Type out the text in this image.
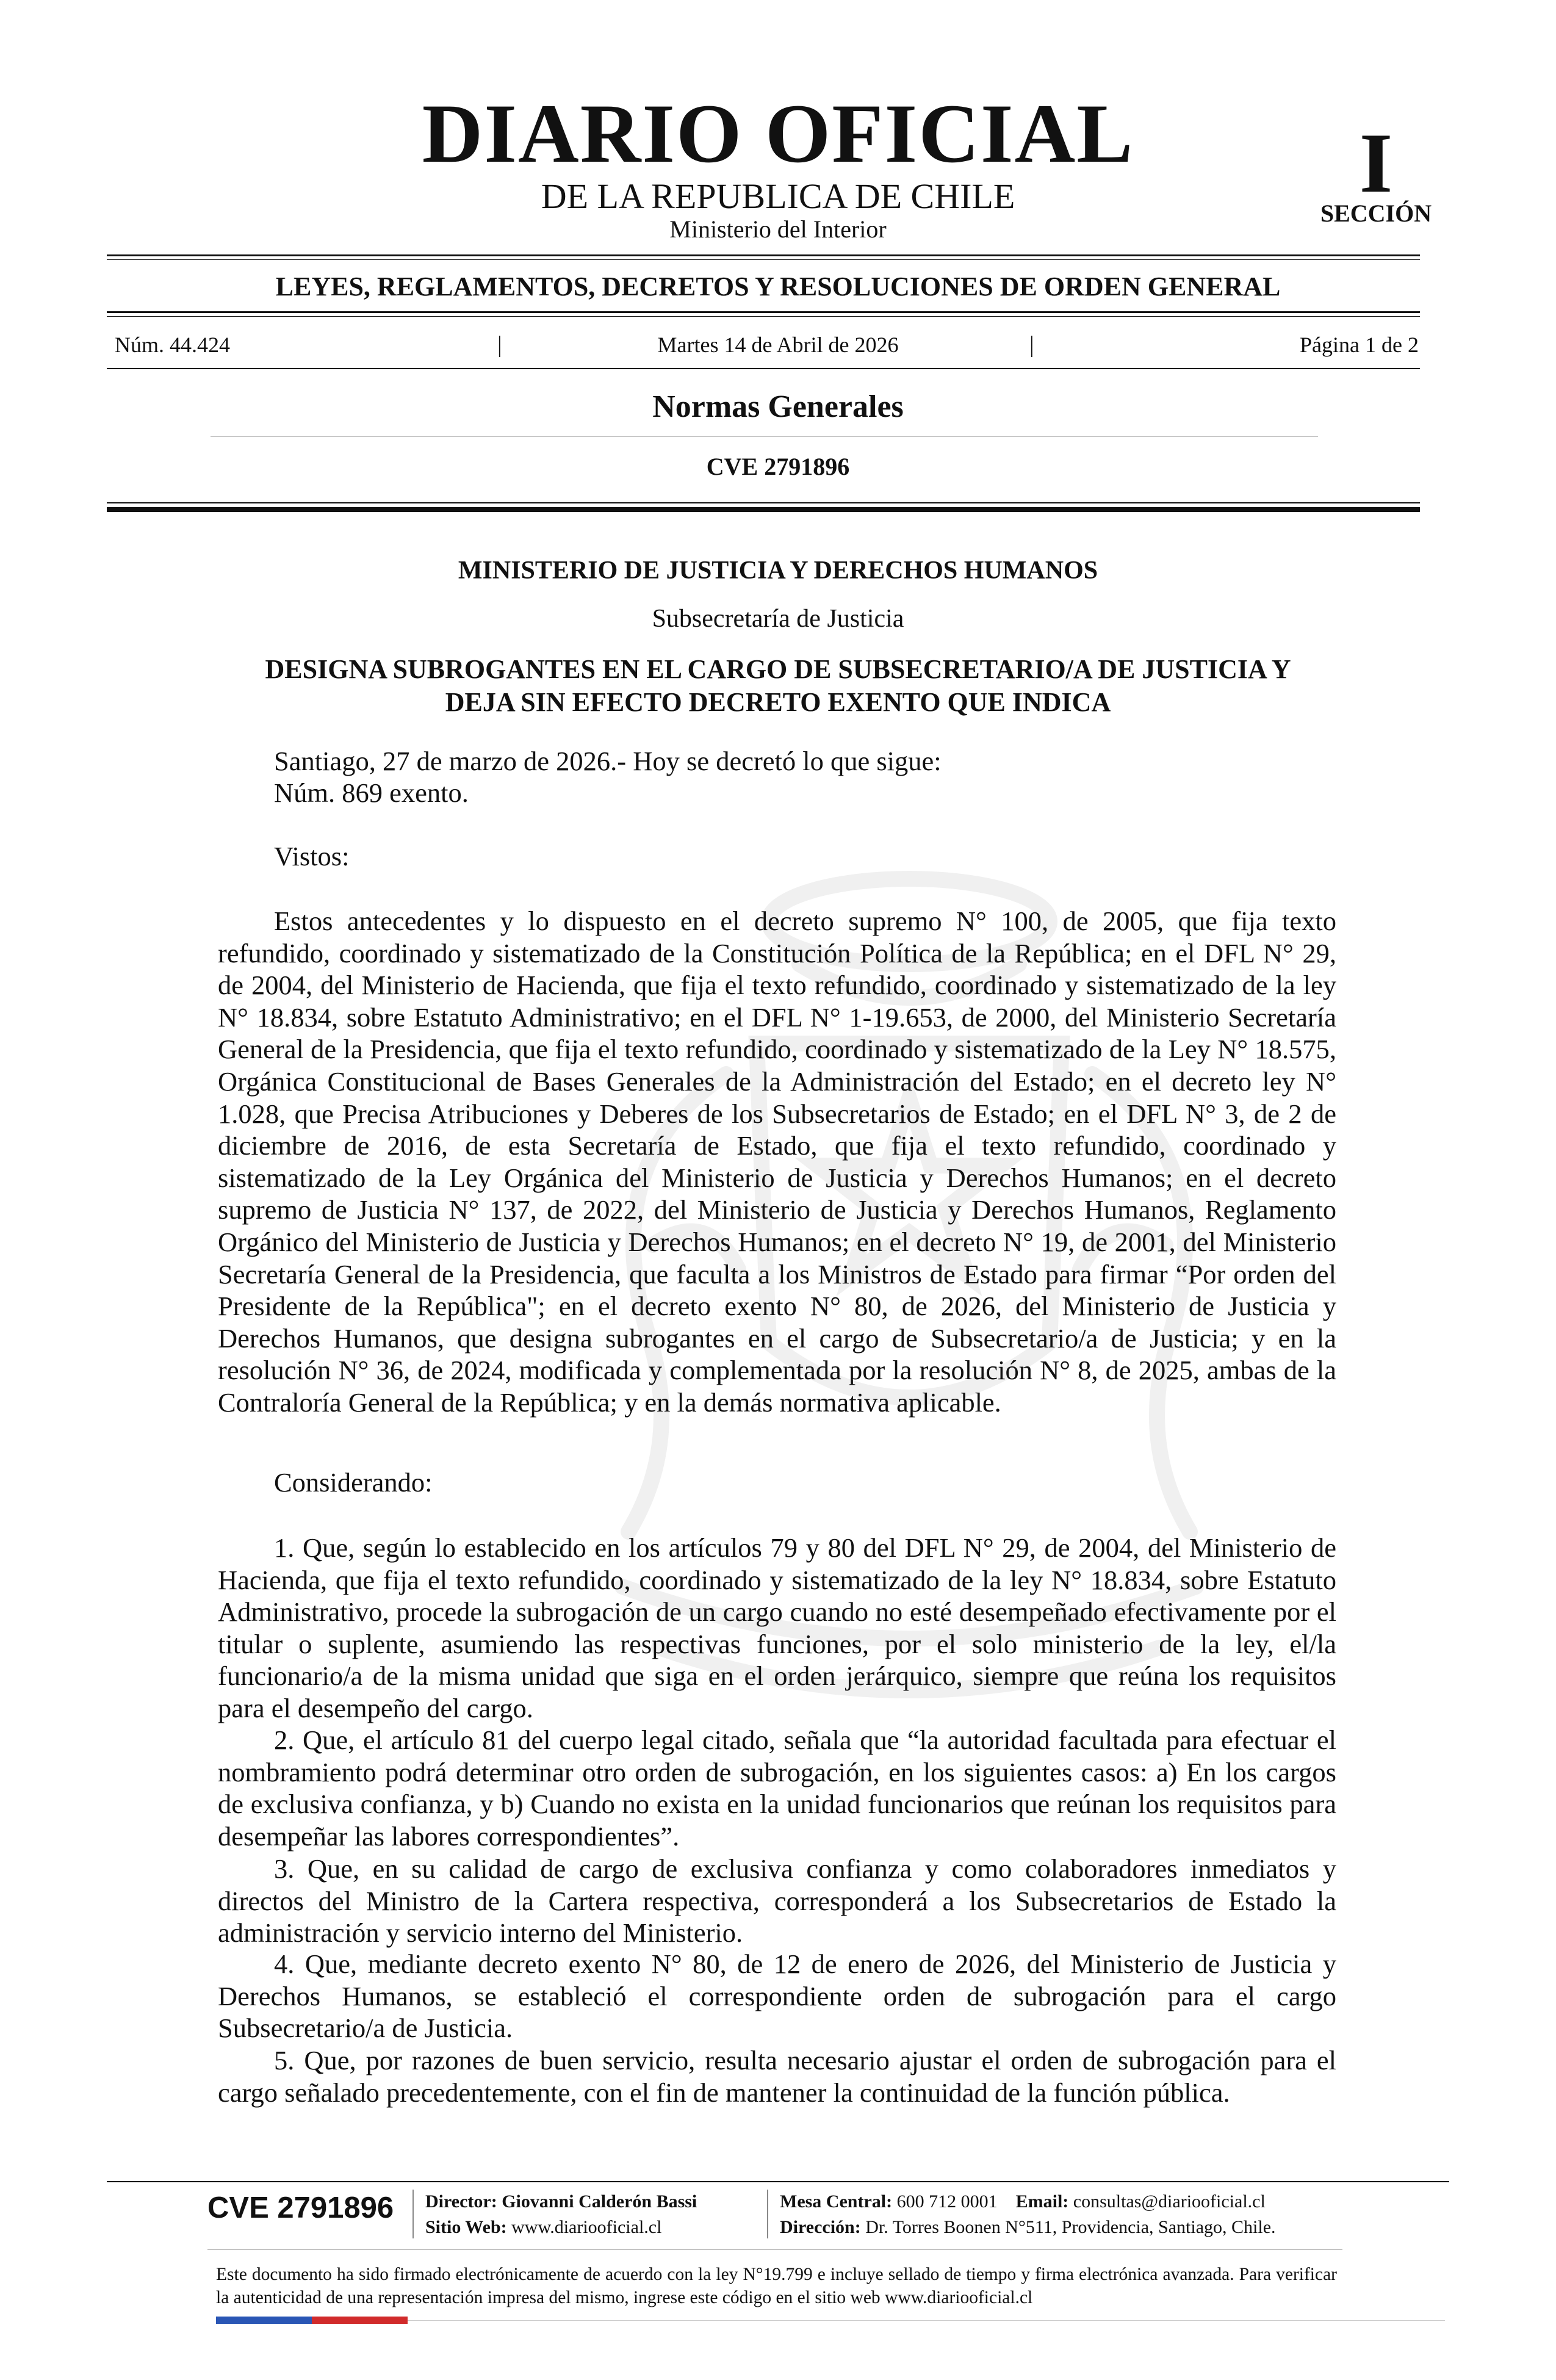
DIARIO OFICIAL
DE LA REPUBLICA DE CHILE
Ministerio del Interior
I
SECCIÓN
LEYES, REGLAMENTOS, DECRETOS Y RESOLUCIONES DE ORDEN GENERAL
Núm. 44.424	|	Martes 14 de Abril de 2026	|	Página 1 de 2
Normas Generales
CVE 2791896
MINISTERIO DE JUSTICIA Y DERECHOS HUMANOS
Subsecretaría de Justicia
DESIGNA SUBROGANTES EN EL CARGO DE SUBSECRETARIO/A DE JUSTICIA Y
DEJA SIN EFECTO DECRETO EXENTO QUE INDICA

Santiago, 27 de marzo de 2026.- Hoy se decretó lo que sigue:

Núm. 869 exento.

Vistos:

Estos antecedentes y lo dispuesto en el decreto supremo N° 100, de 2005, que fija texto refundido, coordinado y sistematizado de la Constitución Política de la República; en el DFL N° 29, de 2004, del Ministerio de Hacienda, que fija el texto refundido, coordinado y sistematizado de la ley N° 18.834, sobre Estatuto Administrativo; en el DFL N° 1-19.653, de 2000, del Ministerio Secretaría General de la Presidencia, que fija el texto refundido, coordinado y sistematizado de la Ley N° 18.575, Orgánica Constitucional de Bases Generales de la Administración del Estado; en el decreto ley N° 1.028, que Precisa Atribuciones y Deberes de los Subsecretarios de Estado; en el DFL N° 3, de 2 de diciembre de 2016, de esta Secretaría de Estado, que fija el texto refundido, coordinado y sistematizado de la Ley Orgánica del Ministerio de Justicia y Derechos Humanos; en el decreto supremo de Justicia N° 137, de 2022, del Ministerio de Justicia y Derechos Humanos, Reglamento Orgánico del Ministerio de Justicia y Derechos Humanos; en el decreto N° 19, de 2001, del Ministerio Secretaría General de la Presidencia, que faculta a los Ministros de Estado para firmar “Por orden del Presidente de la República"; en el decreto exento N° 80, de 2026, del Ministerio de Justicia y Derechos Humanos, que designa subrogantes en el cargo de Subsecretario/a de Justicia; y en la resolución N° 36, de 2024, modificada y complementada por la resolución N° 8, de 2025, ambas de la Contraloría General de la República; y en la demás normativa aplicable.

Considerando:

1. Que, según lo establecido en los artículos 79 y 80 del DFL N° 29, de 2004, del Ministerio de Hacienda, que fija el texto refundido, coordinado y sistematizado de la ley N° 18.834, sobre Estatuto Administrativo, procede la subrogación de un cargo cuando no esté desempeñado efectivamente por el titular o suplente, asumiendo las respectivas funciones, por el solo ministerio de la ley, el/la funcionario/a de la misma unidad que siga en el orden jerárquico, siempre que reúna los requisitos para el desempeño del cargo.

2. Que, el artículo 81 del cuerpo legal citado, señala que “la autoridad facultada para efectuar el nombramiento podrá determinar otro orden de subrogación, en los siguientes casos: a) En los cargos de exclusiva confianza, y b) Cuando no exista en la unidad funcionarios que reúnan los requisitos para desempeñar las labores correspondientes”.

3. Que, en su calidad de cargo de exclusiva confianza y como colaboradores inmediatos y directos del Ministro de la Cartera respectiva, corresponderá a los Subsecretarios de Estado la administración y servicio interno del Ministerio.

4. Que, mediante decreto exento N° 80, de 12 de enero de 2026, del Ministerio de Justicia y Derechos Humanos, se estableció el correspondiente orden de subrogación para el cargo Subsecretario/a de Justicia.

5. Que, por razones de buen servicio, resulta necesario ajustar el orden de subrogación para el cargo señalado precedentemente, con el fin de mantener la continuidad de la función pública.

CVE 2791896 Director: Giovanni Calderón Bassi
Sitio Web: www.diariooficial.cl
Mesa Central: 600 712 0001 Email: consultas@diariooficial.cl
Dirección: Dr. Torres Boonen N°511, Providencia, Santiago, Chile.

Este documento ha sido firmado electrónicamente de acuerdo con la ley N°19.799 e incluye sellado de tiempo y firma electrónica avanzada. Para verificar la autenticidad de una representación impresa del mismo, ingrese este código en el sitio web www.diariooficial.cl
